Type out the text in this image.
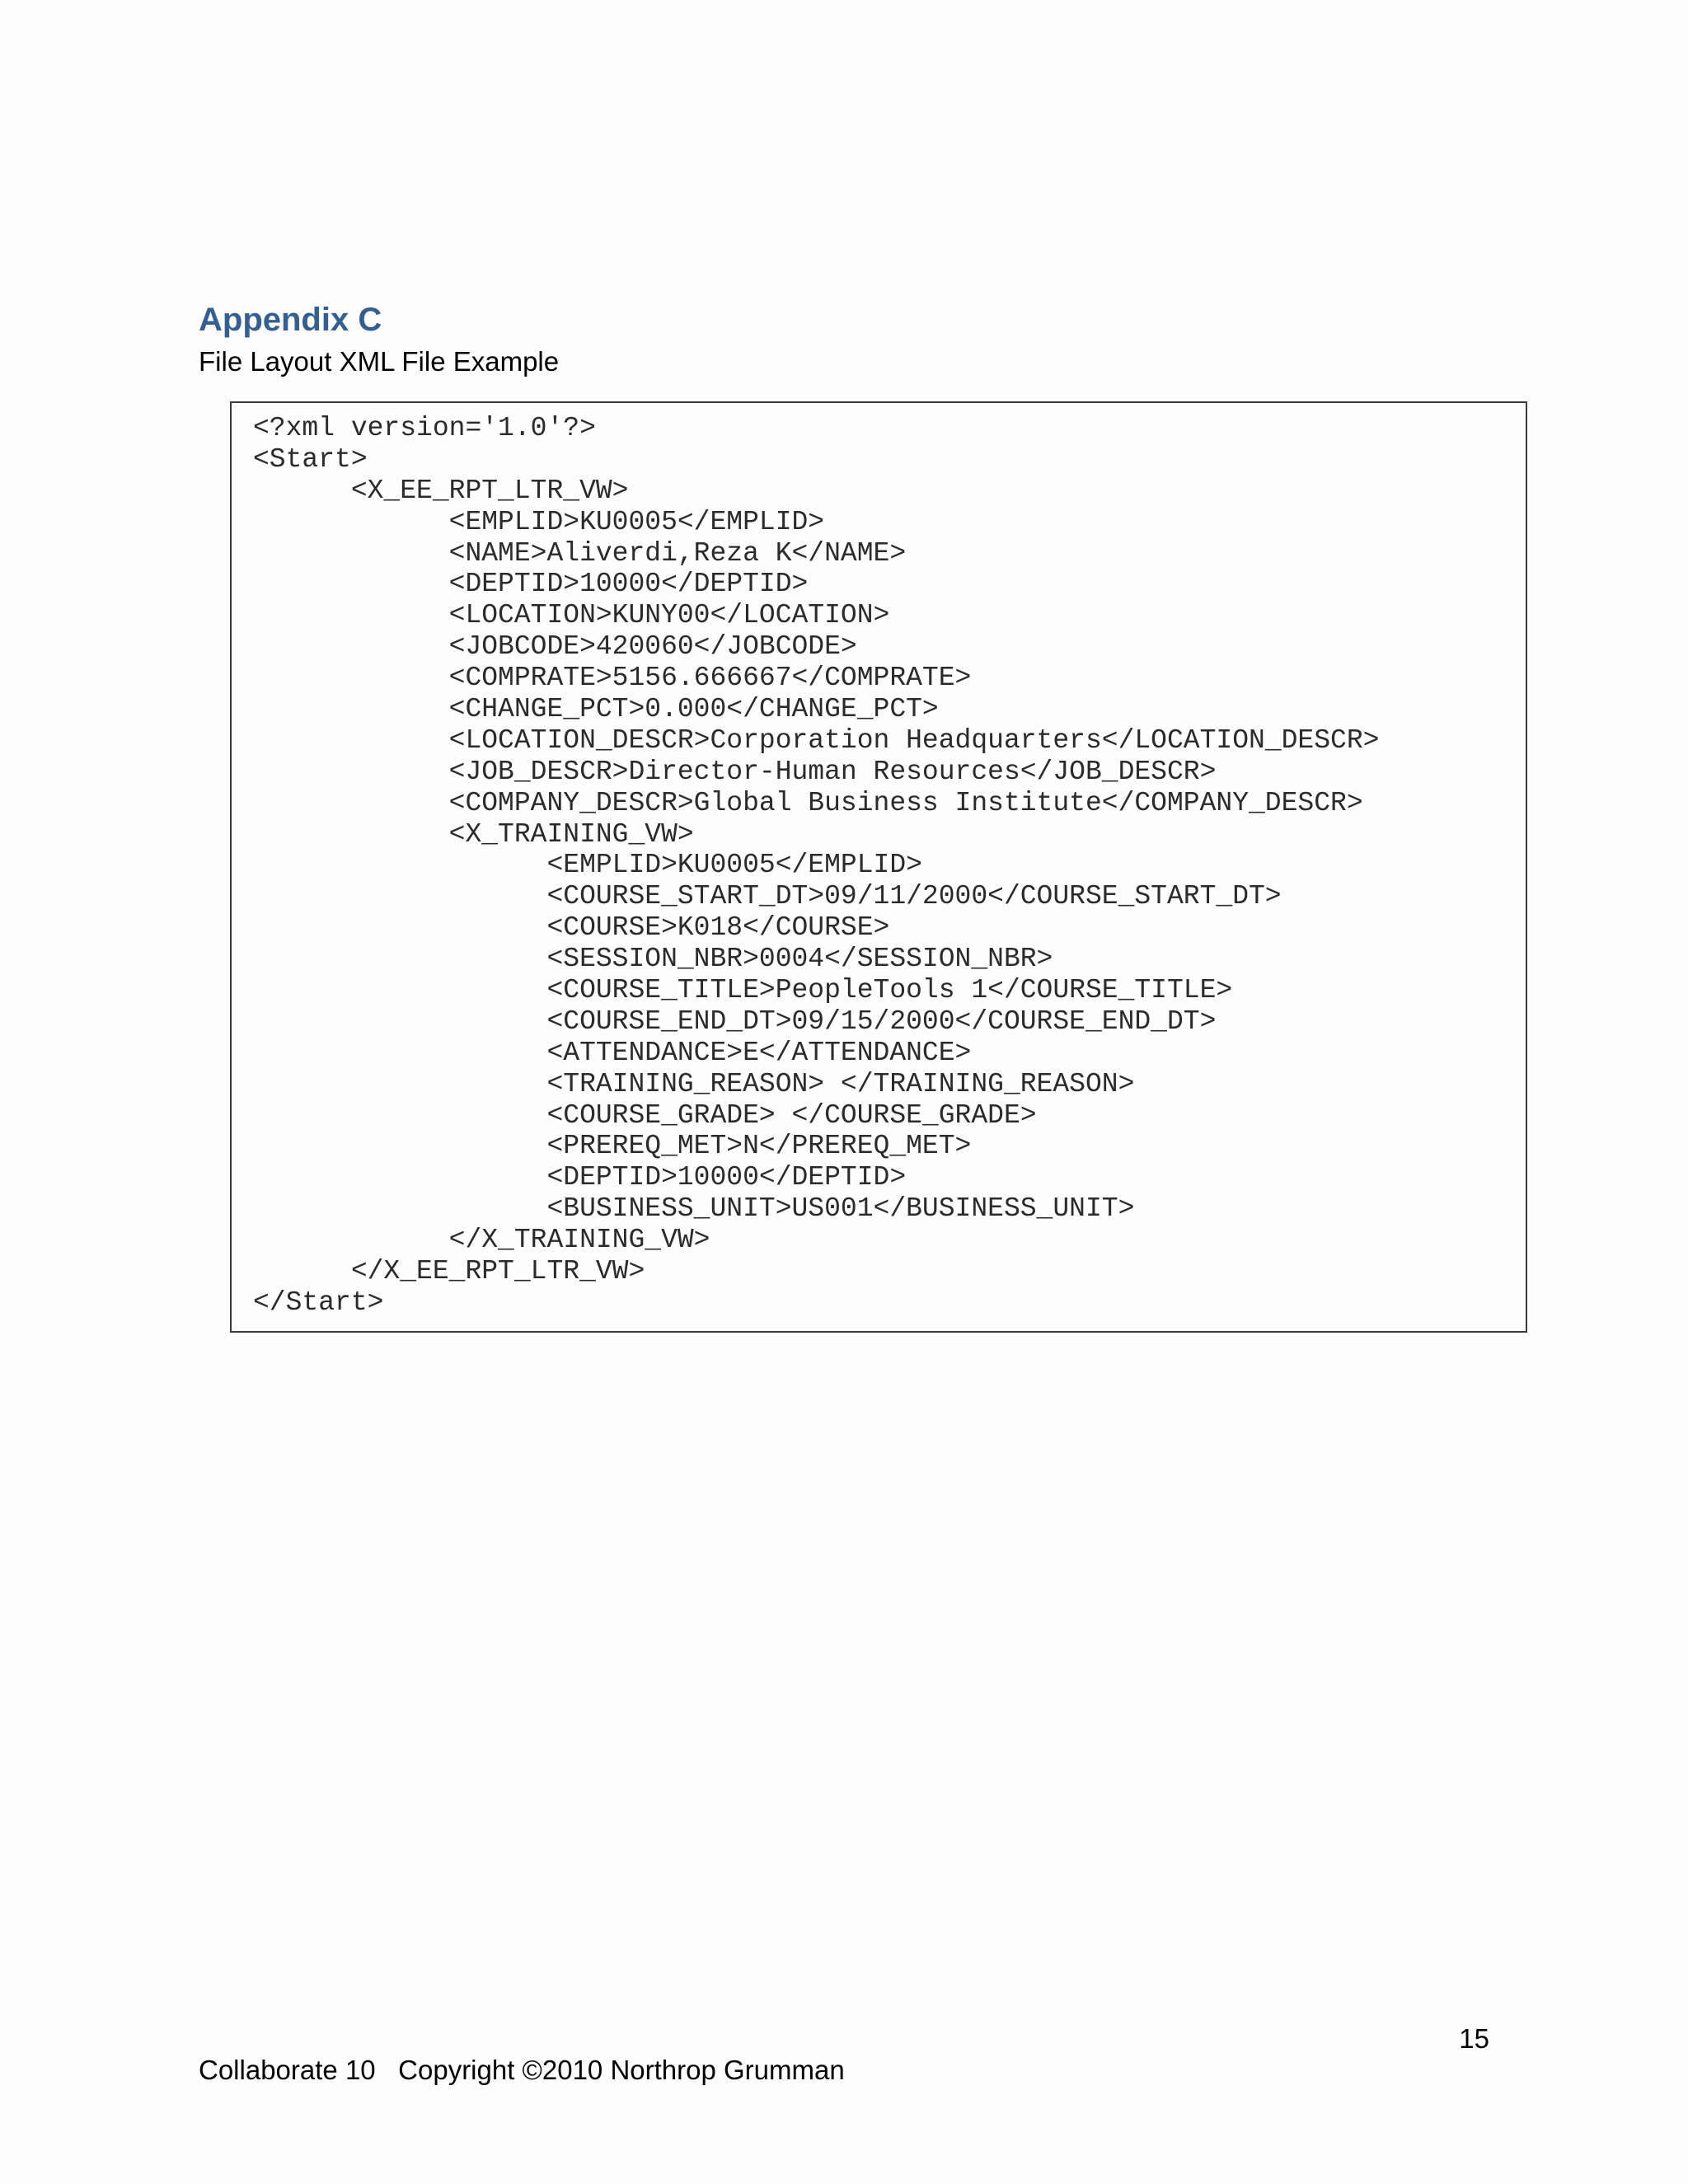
Appendix C

File Layout XML File Example

<?xml version='1.0'?>
<Start>
<X_EE_RPT_LTR_VW>
<EMPLID>KU0005</EMPLID>
<NAME>Aliverdi,Reza K</NAME>
<DEPTID>10000</DEPTID>
<LOCATION>KUNY00</LOCATION>
<JOBCODE>420060</JOBCODE>
<COMPRATE>5156.666667</COMPRATE>
<CHANGE_PCT>0.000</CHANGE_PCT>
<LOCATION_DESCR>Corporation Headquarters</LOCATION_DESCR>
<JOB_DESCR>Director-Human Resources</JOB_DESCR>
<COMPANY_DESCR>Global Business Institute</COMPANY_DESCR>
<X_TRAINING_VW>
<EMPLID>KU0005</EMPLID>
<COURSE_START_DT>09/11/2000</COURSE_START_DT>
<COURSE>K018</COURSE>
<SESSION_NBR>0004</SESSION_NBR>
<COURSE_TITLE>PeopleTools 1</COURSE_TITLE>
<COURSE_END_DT>09/15/2000</COURSE_END_DT>
<ATTENDANCE>E</ATTENDANCE>
<TRAINING_REASON> </TRAINING_REASON>
<COURSE_GRADE> </COURSE_GRADE>
<PREREQ_MET>N</PREREQ_MET>
<DEPTID>10000</DEPTID>
<BUSINESS_UNIT>US001</BUSINESS_UNIT>
</X_TRAINING_VW>
</X_EE_RPT_LTR_VW>
</Start>
15
Collaborate 10   Copyright ©2010 Northrop Grumman
